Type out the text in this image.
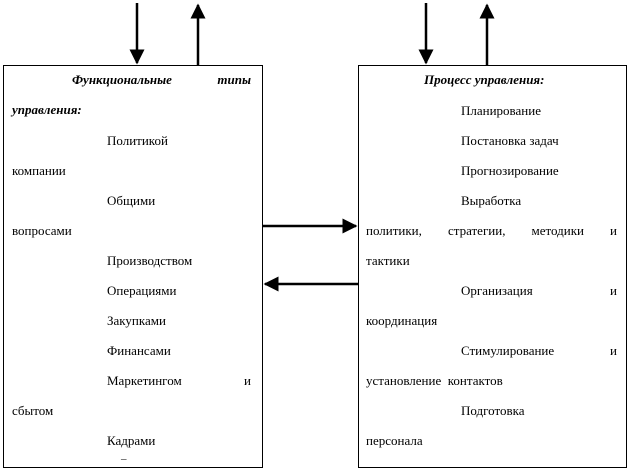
Функциональные	типы
управления:
Политикой
компании
Общими
вопросами
Производством
Операциями
Закупками
Финансами
Маркетингом	и
сбытом
Кадрами
–
Процесс управления:
Планирование
Постановка задач
Прогнозирование
Выработка
политики, стратегии, методики и
тактики
Организация	и
координация
Стимулирование	и
установление  контактов
Подготовка
персонала
